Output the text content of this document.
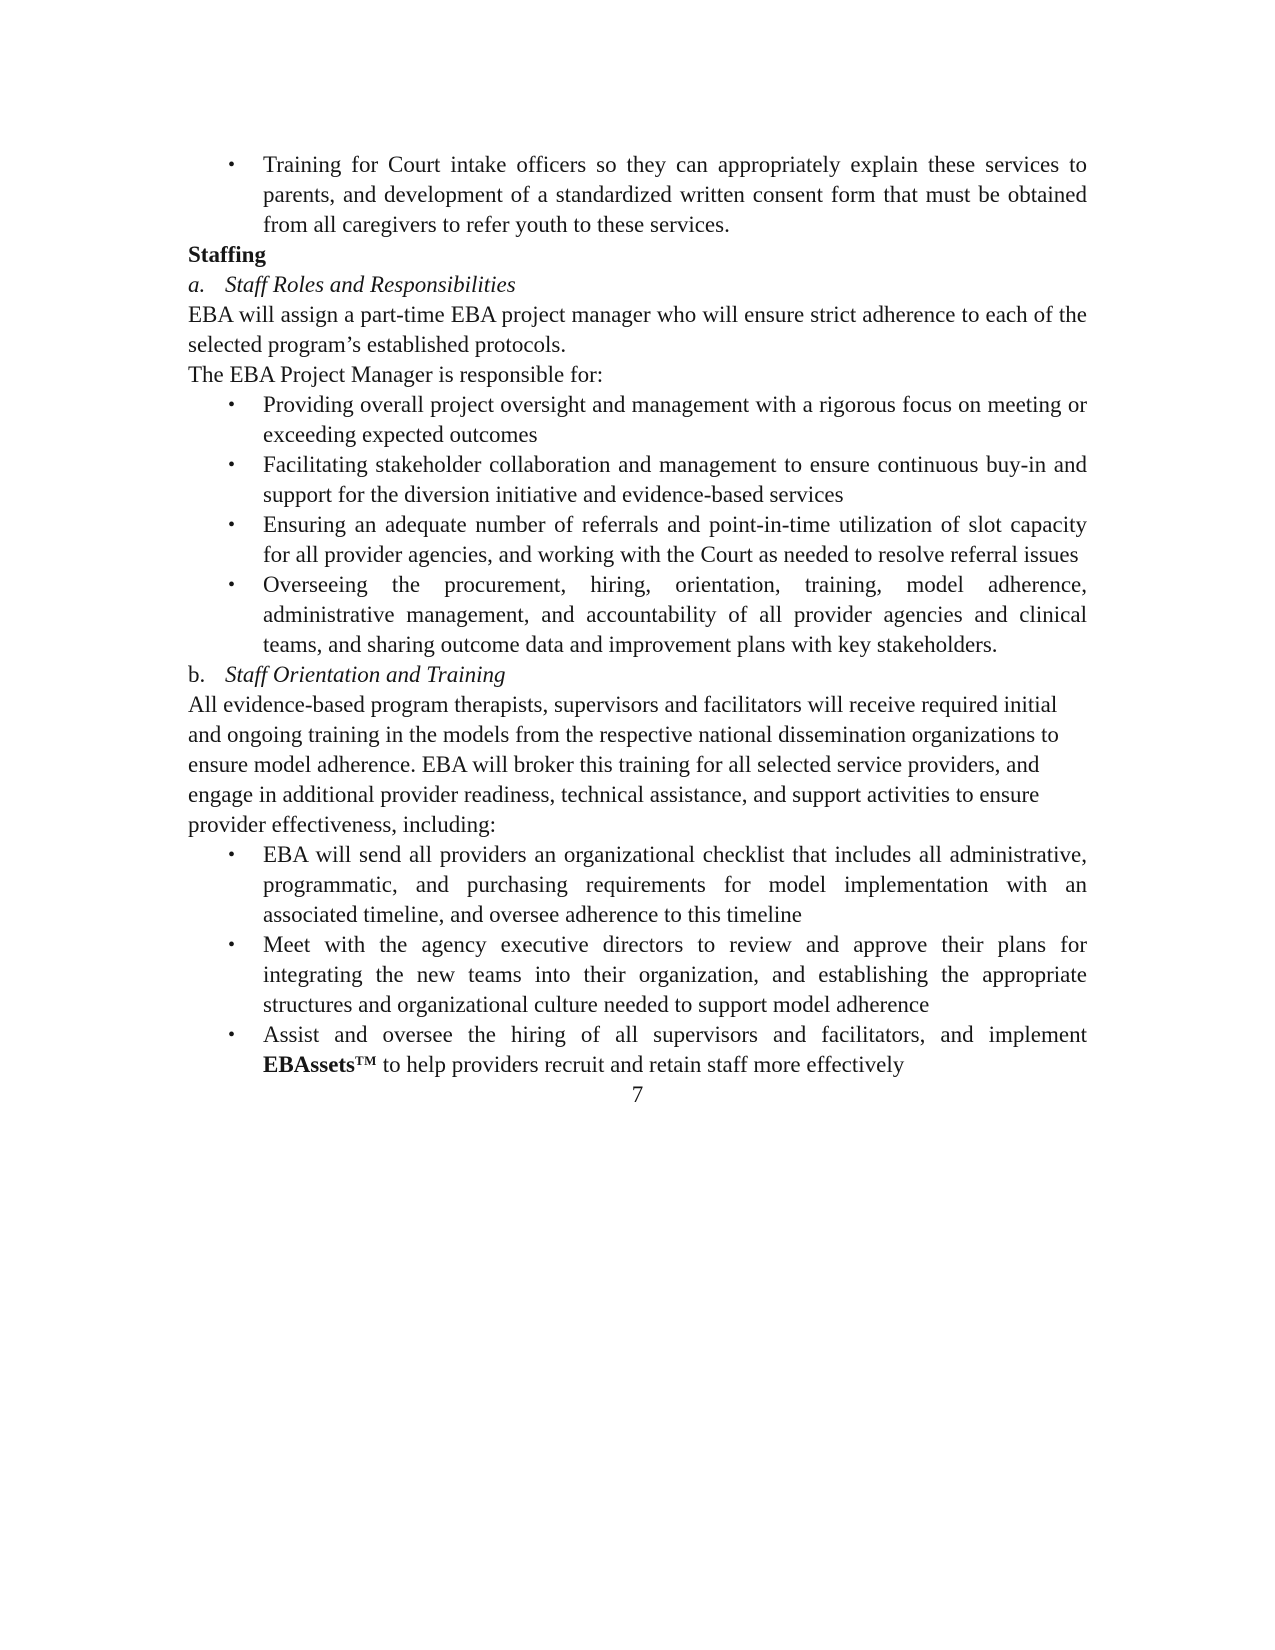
•	Training for Court intake officers so they can appropriately explain these services to parents, and development of a standardized written consent form that must be obtained from all caregivers to refer youth to these services.
Staffing
a. Staff Roles and Responsibilities

EBA will assign a part-time EBA project manager who will ensure strict adherence to each of the selected program’s established protocols.

The EBA Project Manager is responsible for:

•	Providing overall project oversight and management with a rigorous focus on meeting or exceeding expected outcomes
•	Facilitating stakeholder collaboration and management to ensure continuous buy-in and support for the diversion initiative and evidence-based services
•	Ensuring an adequate number of referrals and point-in-time utilization of slot capacity for all provider agencies, and working with the Court as needed to resolve referral issues
•	Overseeing the procurement, hiring, orientation, training, model adherence, administrative management, and accountability of all provider agencies and clinical teams, and sharing outcome data and improvement plans with key stakeholders.
b. Staff Orientation and Training

All evidence-based program therapists, supervisors and facilitators will receive required initial and ongoing training in the models from the respective national dissemination organizations to ensure model adherence. EBA will broker this training for all selected service providers, and engage in additional provider readiness, technical assistance, and support activities to ensure provider effectiveness, including:

•	EBA will send all providers an organizational checklist that includes all administrative, programmatic, and purchasing requirements for model implementation with an associated timeline, and oversee adherence to this timeline
•	Meet with the agency executive directors to review and approve their plans for integrating the new teams into their organization, and establishing the appropriate structures and organizational culture needed to support model adherence
•	Assist and oversee the hiring of all supervisors and facilitators, and implement EBAssets™ to help providers recruit and retain staff more effectively
7
